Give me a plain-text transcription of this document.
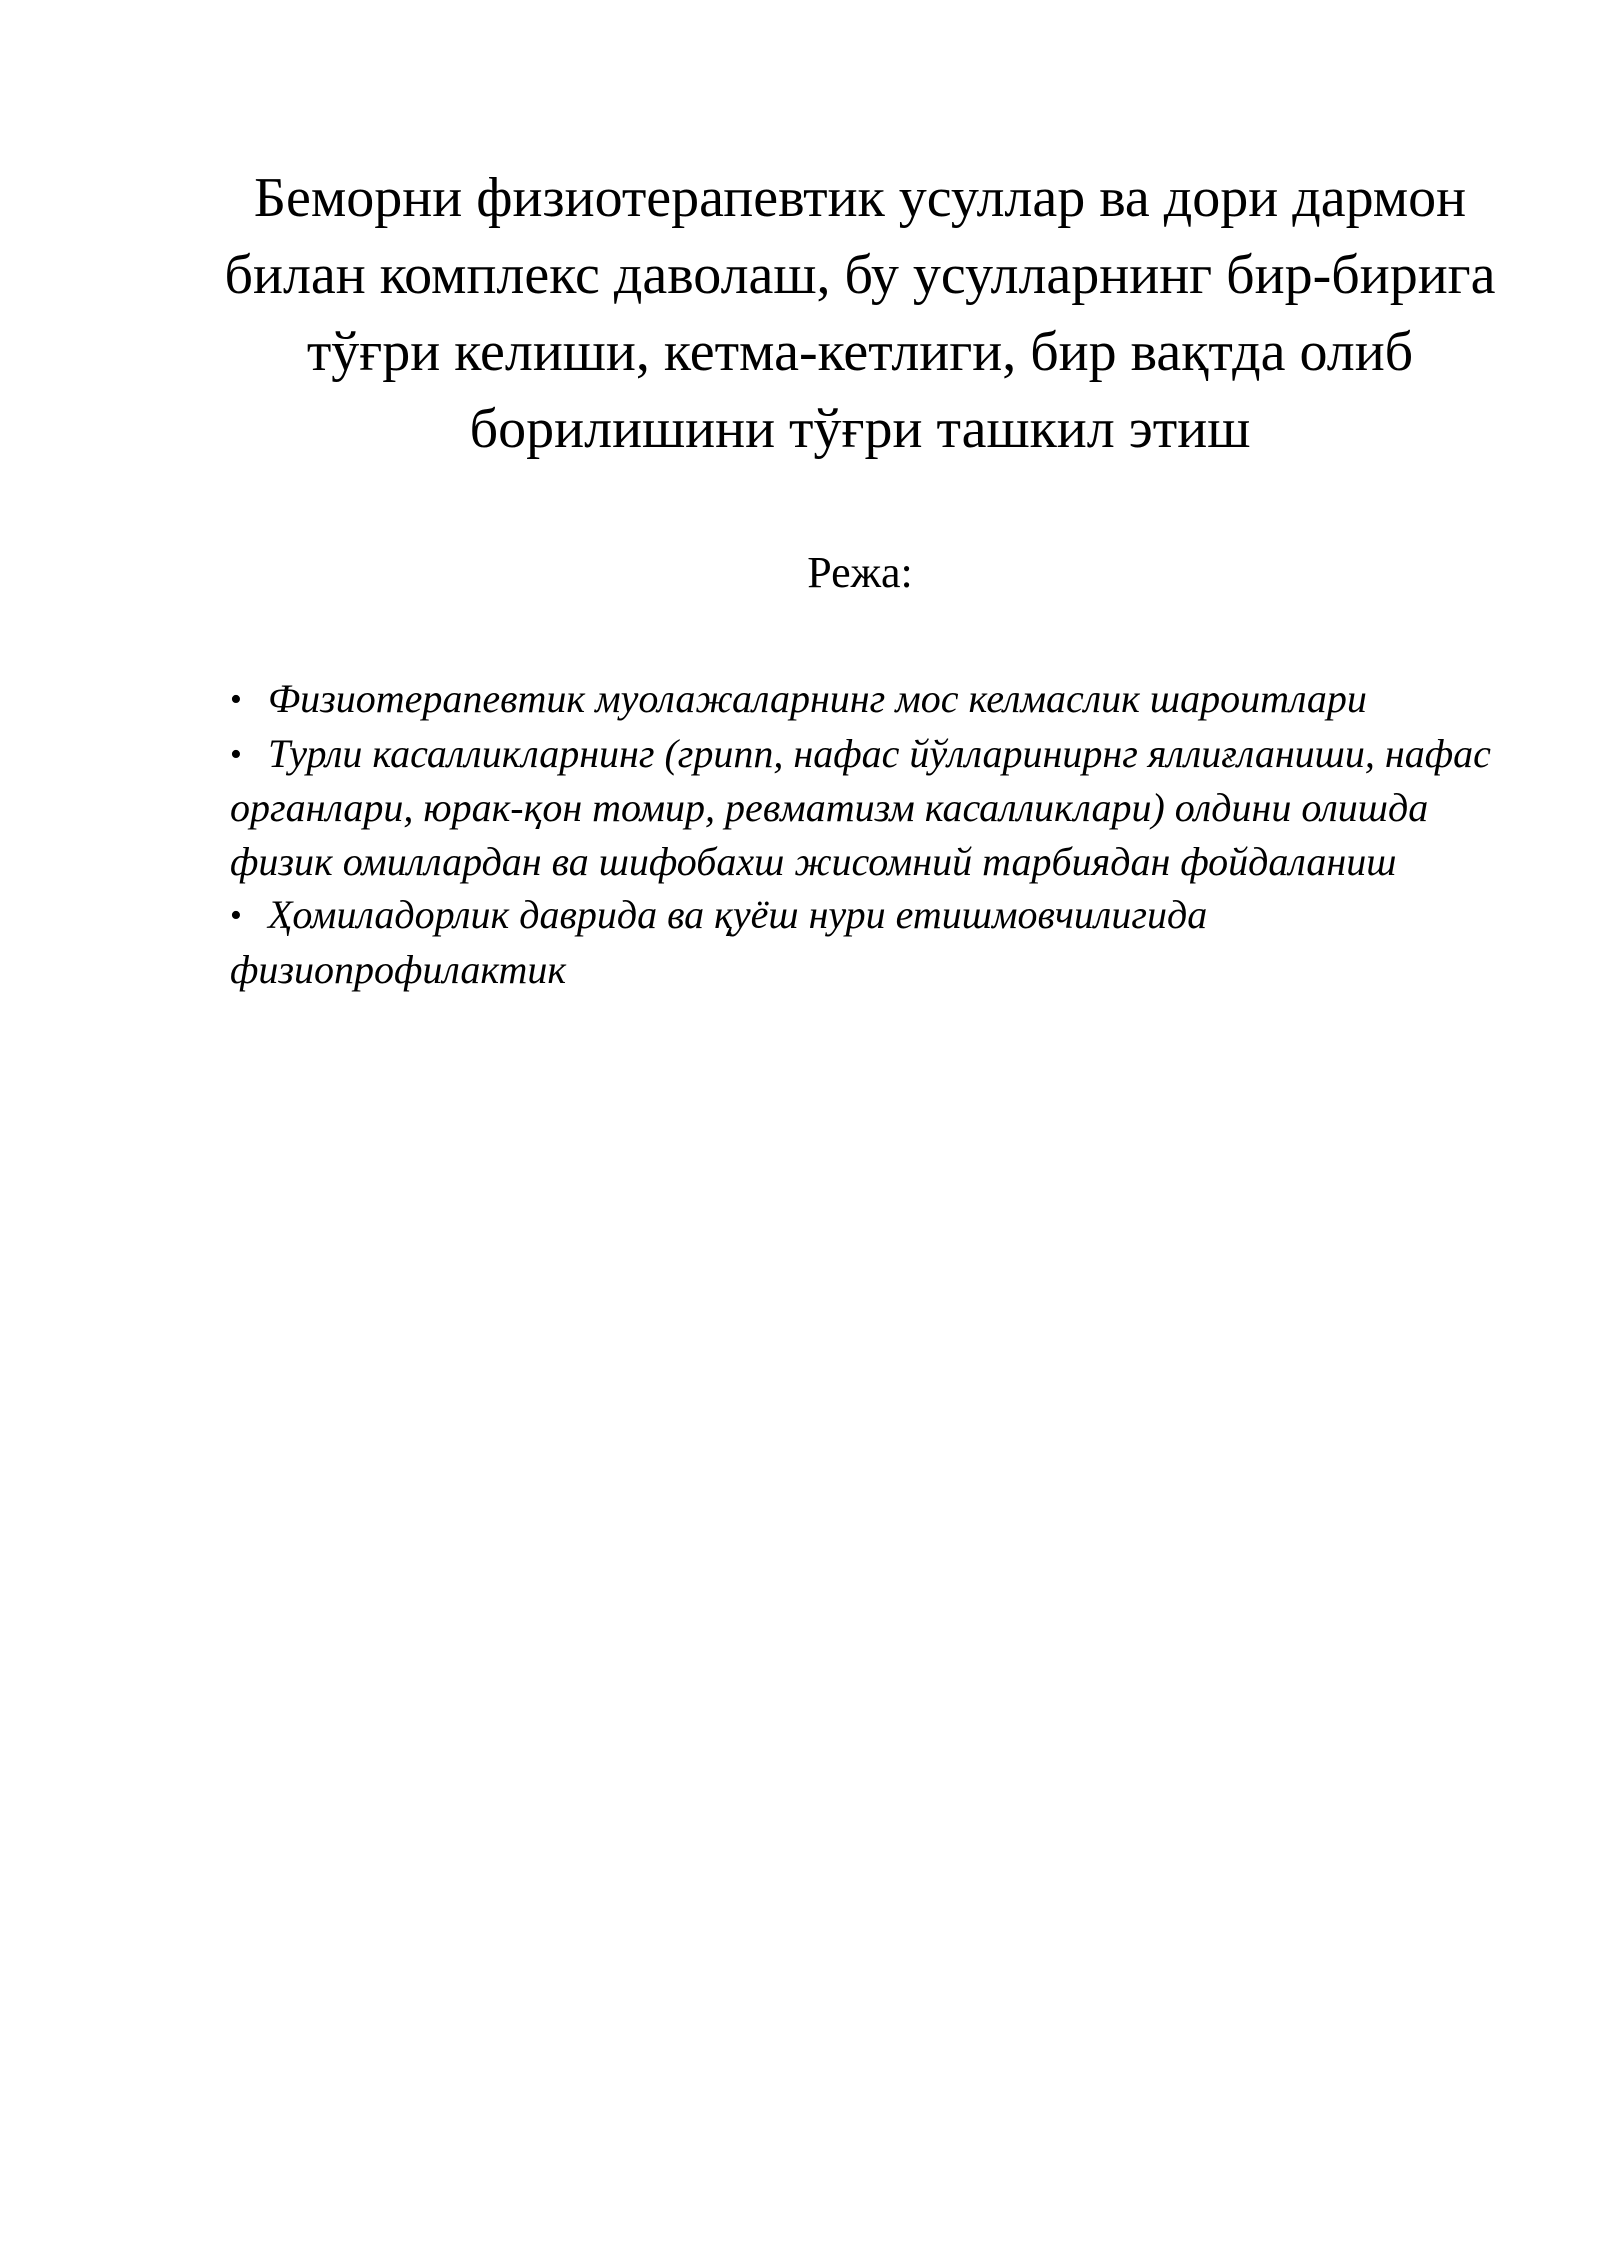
Беморни физиотерапевтик усуллар ва дори дармон билан комплекс даволаш, бу усулларнинг бир-бирига тўғри келиши, кетма-кетлиги, бир вақтда олиб борилишини тўғри ташкил этиш
Режа:
• Физиотерапевтик муолажаларнинг мос келмаслик шароитлари
• Турли касалликларнинг (грипп, нафас йўлларинирнг яллиғланиши, нафас органлари, юрак-қон томир, ревматизм касалликлари) олдини олишда физик омиллардан ва шифобахш жисомний тарбиядан фойдаланиш
• Ҳомиладорлик даврида ва қуёш нури етишмовчилигида физиопрофилактик
